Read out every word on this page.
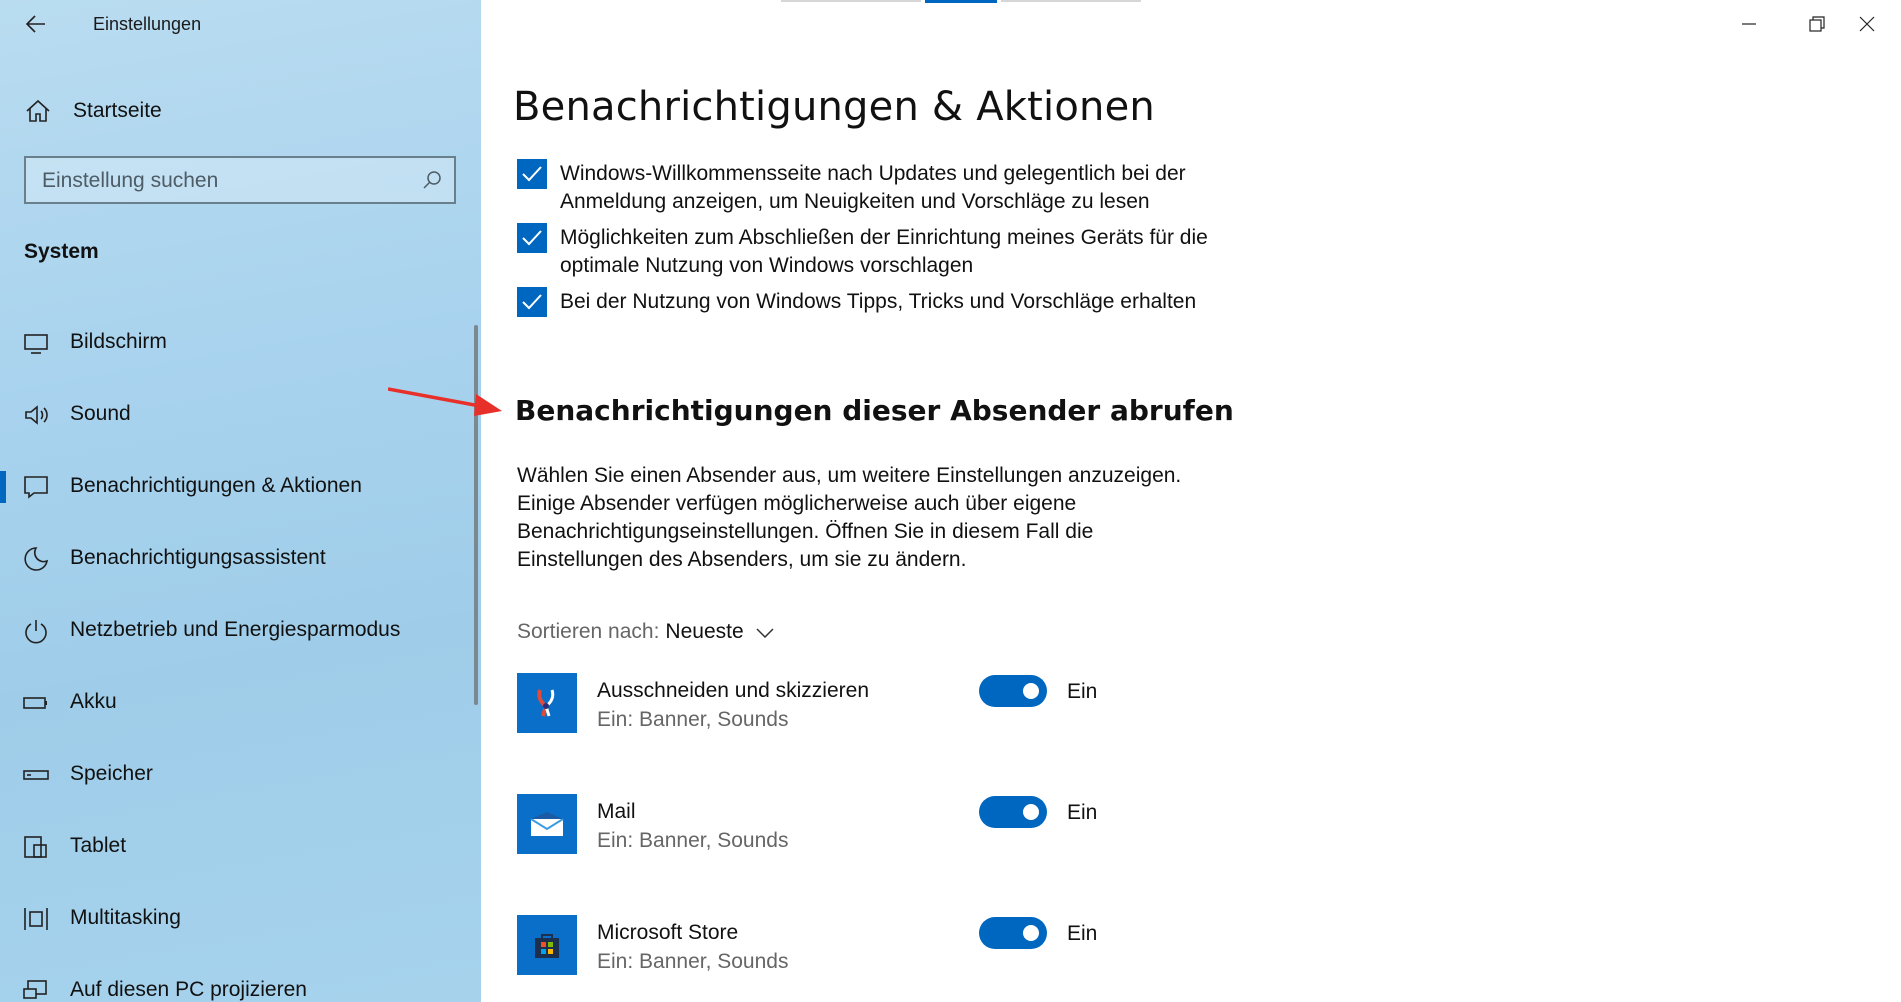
Einstellungen
Startseite
Einstellung suchen
System
Bildschirm
Sound
Benachrichtigungen & Aktionen
Benachrichtigungsassistent
Netzbetrieb und Energiesparmodus
Akku
Speicher
Tablet
Multitasking
Auf diesen PC projizieren
Benachrichtigungen & Aktionen
Windows-Willkommensseite nach Updates und gelegentlich bei der Anmeldung anzeigen, um Neuigkeiten und Vorschläge zu lesen
Möglichkeiten zum Abschließen der Einrichtung meines Geräts für die optimale Nutzung von Windows vorschlagen
Bei der Nutzung von Windows Tipps, Tricks und Vorschläge erhalten
Benachrichtigungen dieser Absender abrufen

Wählen Sie einen Absender aus, um weitere Einstellungen anzuzeigen. Einige Absender verfügen möglicherweise auch über eigene Benachrichtigungseinstellungen. Öffnen Sie in diesem Fall die Einstellungen des Absenders, um sie zu ändern.

Sortieren nach: Neueste
Ausschneiden und skizzieren
Ein: Banner, Sounds
Ein
Mail
Ein: Banner, Sounds
Ein
Microsoft Store
Ein: Banner, Sounds
Ein
